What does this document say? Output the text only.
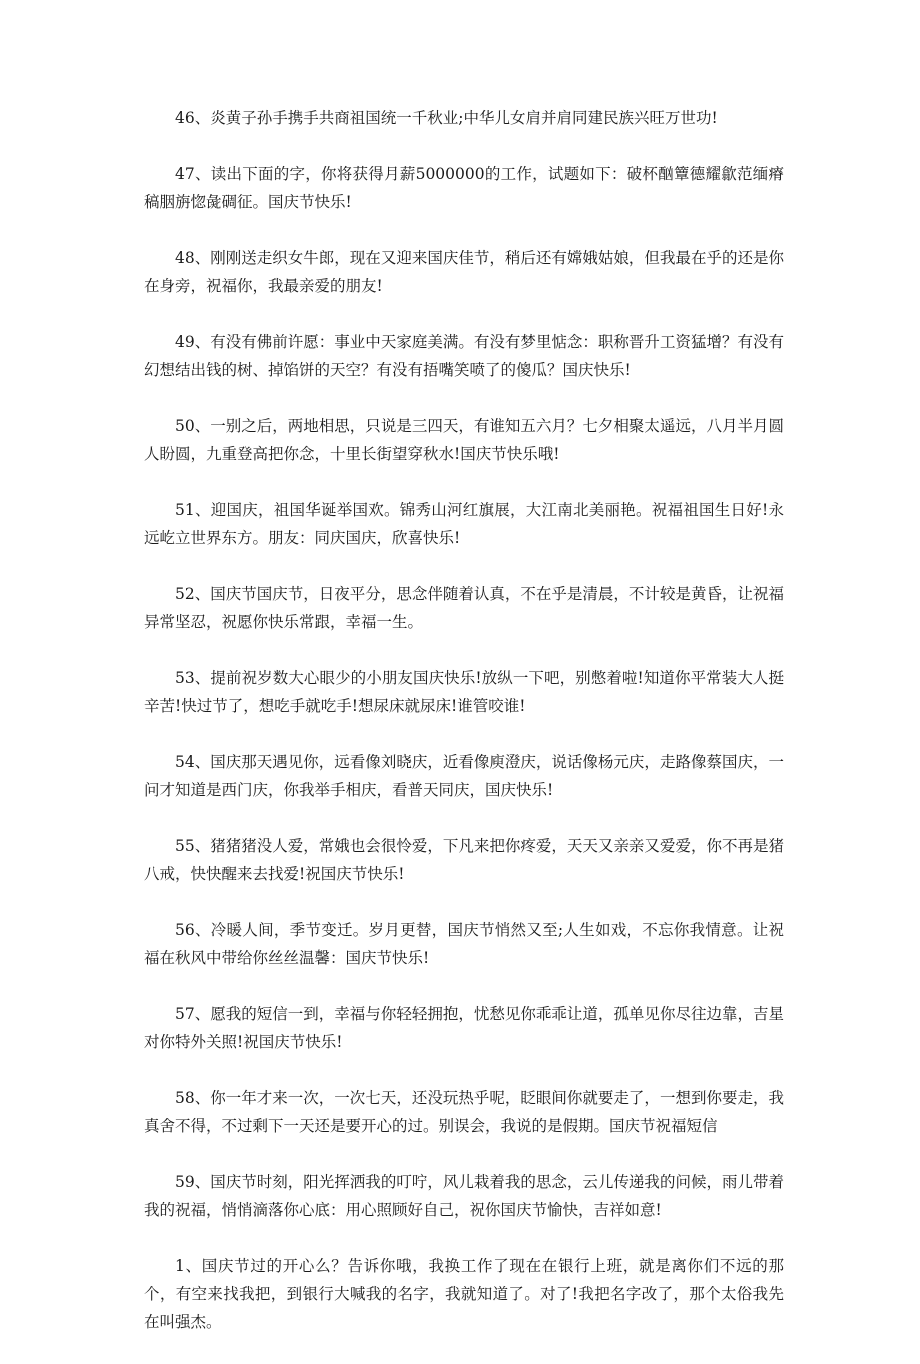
46、炎黄子孙手携手共商祖国统一千秋业;中华儿女肩并肩同建民族兴旺万世功!

47、读出下面的字，你将获得月薪5000000的工作，试题如下：破杯酗簟德耀歙范缅瘠稿胭旃惚彘碉征。国庆节快乐!

48、刚刚送走织女牛郎，现在又迎来国庆佳节，稍后还有嫦娥姑娘，但我最在乎的还是你在身旁，祝福你，我最亲爱的朋友!

49、有没有佛前许愿：事业中天家庭美满。有没有梦里惦念：职称晋升工资猛增？有没有幻想结出钱的树、掉馅饼的天空？有没有捂嘴笑喷了的傻瓜？国庆快乐!

50、一别之后，两地相思，只说是三四天，有谁知五六月？七夕相聚太遥远，八月半月圆人盼圆，九重登高把你念，十里长街望穿秋水!国庆节快乐哦!

51、迎国庆，祖国华诞举国欢。锦秀山河红旗展，大江南北美丽艳。祝福祖国生日好!永远屹立世界东方。朋友：同庆国庆，欣喜快乐!

52、国庆节国庆节，日夜平分，思念伴随着认真，不在乎是清晨，不计较是黄昏，让祝福异常坚忍，祝愿你快乐常跟，幸福一生。

53、提前祝岁数大心眼少的小朋友国庆快乐!放纵一下吧，别憋着啦!知道你平常装大人挺辛苦!快过节了，想吃手就吃手!想尿床就尿床!谁管咬谁!

54、国庆那天遇见你，远看像刘晓庆，近看像庾澄庆，说话像杨元庆，走路像蔡国庆，一问才知道是西门庆，你我举手相庆，看普天同庆，国庆快乐!

55、猪猪猪没人爱，常娥也会很怜爱，下凡来把你疼爱，天天又亲亲又爱爱，你不再是猪八戒，快快醒来去找爱!祝国庆节快乐!

56、冷暖人间，季节变迁。岁月更替，国庆节悄然又至;人生如戏，不忘你我情意。让祝福在秋风中带给你丝丝温馨：国庆节快乐!

57、愿我的短信一到，幸福与你轻轻拥抱，忧愁见你乖乖让道，孤单见你尽往边靠，吉星对你特外关照!祝国庆节快乐!

58、你一年才来一次，一次七天，还没玩热乎呢，眨眼间你就要走了，一想到你要走，我真舍不得，不过剩下一天还是要开心的过。别误会，我说的是假期。国庆节祝福短信

59、国庆节时刻，阳光挥洒我的叮咛，风儿栽着我的思念，云儿传递我的问候，雨儿带着我的祝福，悄悄滴落你心底：用心照顾好自己，祝你国庆节愉快，吉祥如意!

1、国庆节过的开心么？告诉你哦，我换工作了现在在银行上班，就是离你们不远的那个，有空来找我把，到银行大喊我的名字，我就知道了。对了!我把名字改了，那个太俗我先在叫强杰。
